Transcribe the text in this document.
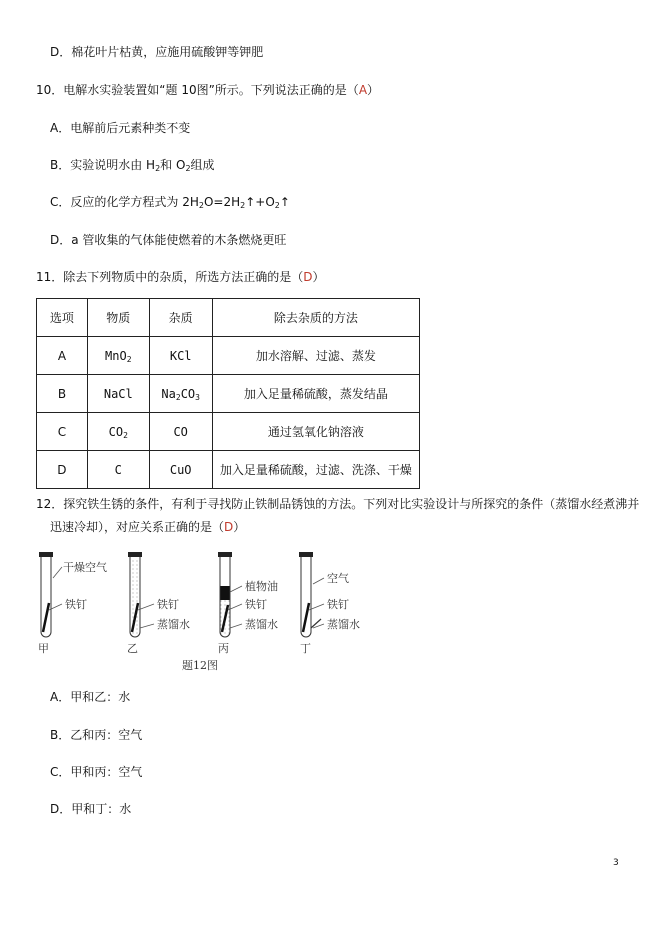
D．棉花叶片枯黄，应施用硫酸钾等钾肥
10．电解水实验装置如“题 10图”所示。下列说法正确的是（A）
A．电解前后元素种类不变
B．实验说明水由 $H_2$和 $O_2$组成
C．反应的化学方程式为 $2H_2O=2H_2↑+O_2↑$
D．a 管收集的气体能使燃着的木条燃烧更旺
11．除去下列物质中的杂质，所选方法正确的是（D）
选项	物质	杂质	除去杂质的方法
A	MnO$_2$	KCl	加水溶解、过滤、蒸发
B	NaCl	$Na_2CO_3$	加入足量稀硫酸，蒸发结晶
C	$CO_2$	CO	通过氢氧化钠溶液
D	C	CuO	加入足量稀硫酸，过滤、洗涤、干燥
12．探究铁生锈的条件，有利于寻找防止铁制品锈蚀的方法。下列对比实验设计与所探究的条件（蒸馏水经煮沸并
迅速冷却），对应关系正确的是（D）
干燥空气
铁钉
甲
铁钉
蒸馏水
乙
植物油
铁钉
蒸馏水
丙
空气
铁钉
蒸馏水
丁
题12图
A．甲和乙：水
B．乙和丙：空气
C．甲和丙：空气
D．甲和丁：水
3
